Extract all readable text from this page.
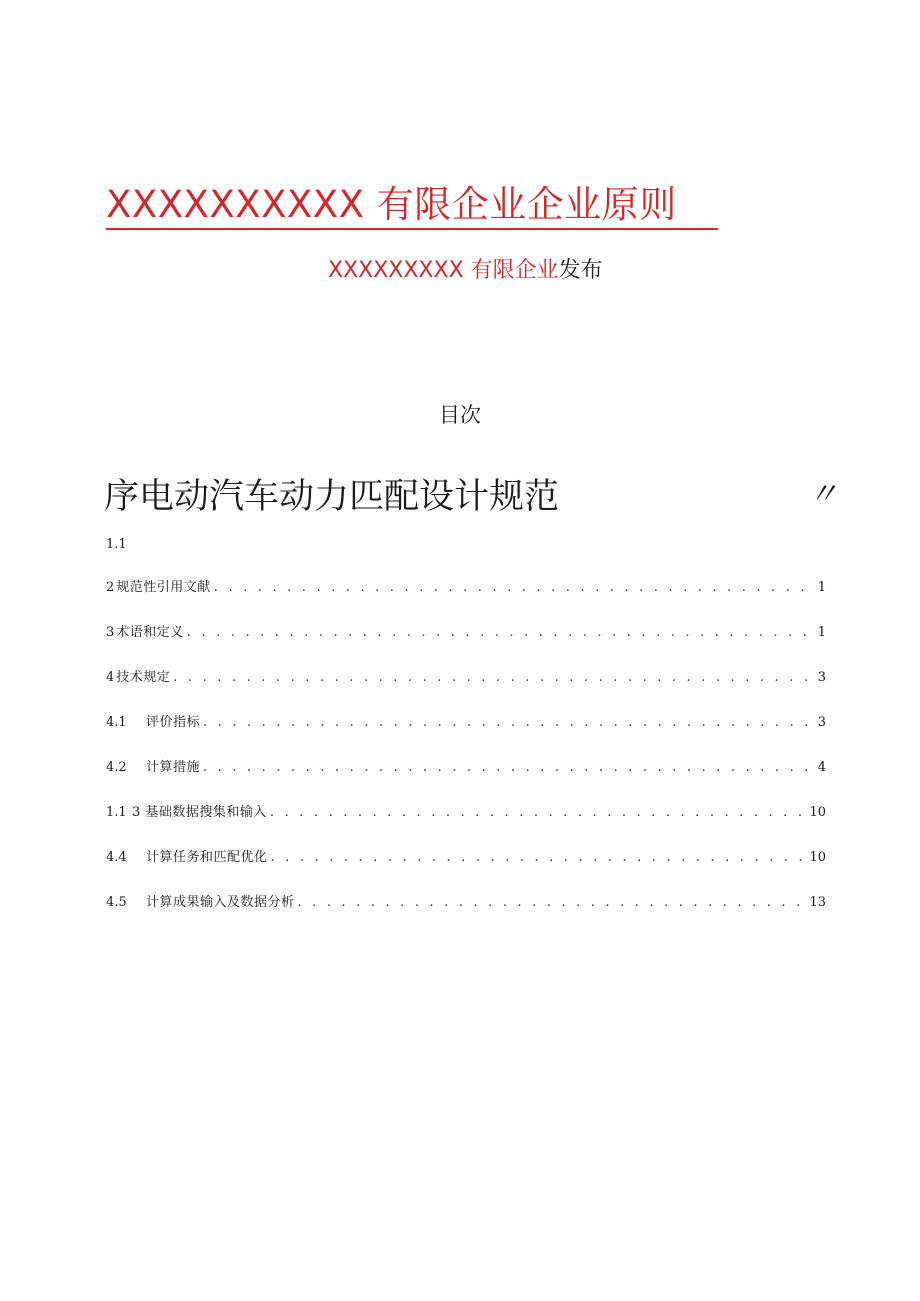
XXXXXXXXXX 有限企业企业原则
XXXXXXXXX 有限企业发布
目次
序电动汽车动力匹配设计规范	〃
1.1
2 规范性引用文献 . . .	1
3 术语和定义 . . .	1
4 技术规定 . . .	3
4.1	评价指标 . . .	3
4.2	计算措施 . . .	4
1.1 3 基础数据搜集和输入 . . .	10
4.4	计算任务和匹配优化 . . .	10
4.5	计算成果输入及数据分析 . . .	13
